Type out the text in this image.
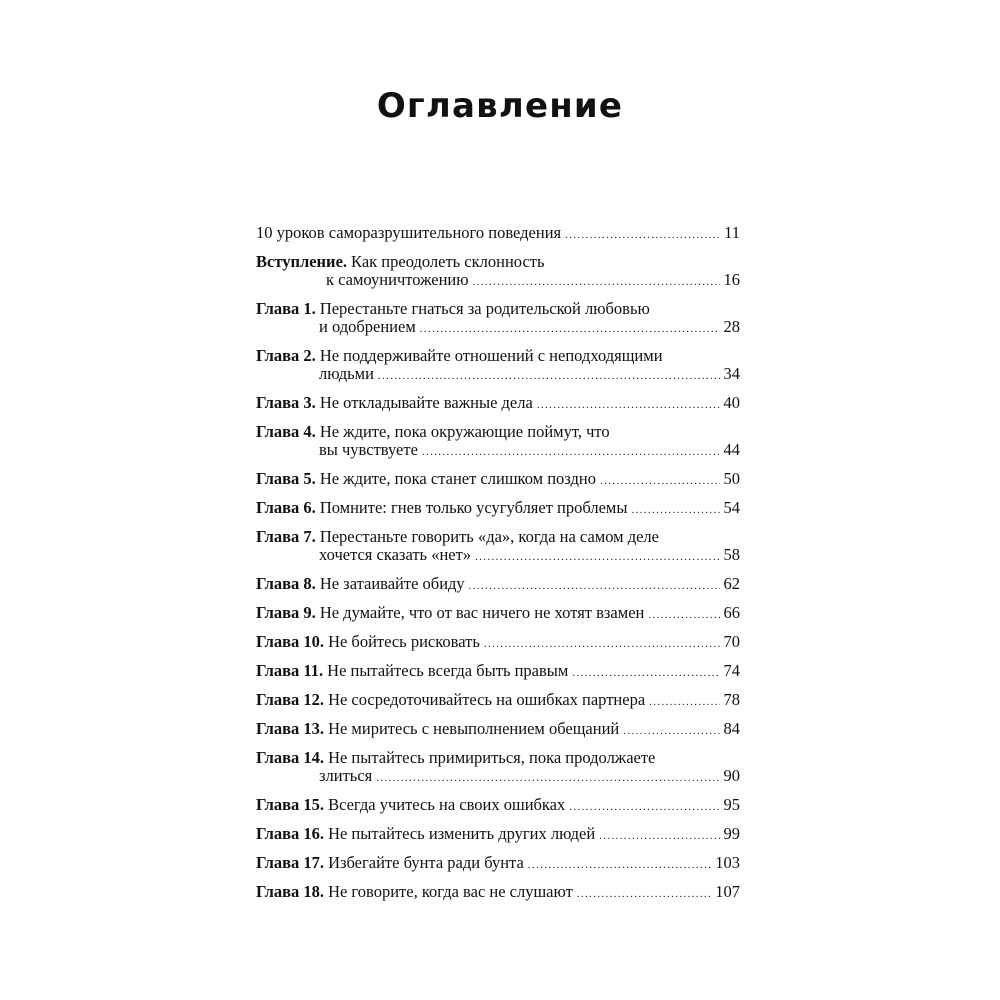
Оглавление
10 уроков саморазрушительного поведения . . .	11
Вступление. Как преодолеть склонность
к самоуничтожению . . .	16
Глава 1. Перестаньте гнаться за родительской любовью
и одобрением . . .	28
Глава 2. Не поддерживайте отношений с неподходящими
людьми . . .	34
Глава 3. Не откладывайте важные дела . . .	40
Глава 4. Не ждите, пока окружающие поймут, что
вы чувствуете . . .	44
Глава 5. Не ждите, пока станет слишком поздно . . .	50
Глава 6. Помните: гнев только усугубляет проблемы . . .	54
Глава 7. Перестаньте говорить «да», когда на самом деле
хочется сказать «нет» . . .	58
Глава 8. Не затаивайте обиду . . .	62
Глава 9. Не думайте, что от вас ничего не хотят взамен . . .	66
Глава 10. Не бойтесь рисковать . . .	70
Глава 11. Не пытайтесь всегда быть правым . . .	74
Глава 12. Не сосредоточивайтесь на ошибках партнера . . .	78
Глава 13. Не миритесь с невыполнением обещаний . . .	84
Глава 14. Не пытайтесь примириться, пока продолжаете
злиться . . .	90
Глава 15. Всегда учитесь на своих ошибках . . .	95
Глава 16. Не пытайтесь изменить других людей . . .	99
Глава 17. Избегайте бунта ради бунта . . .	103
Глава 18. Не говорите, когда вас не слушают . . .	107
